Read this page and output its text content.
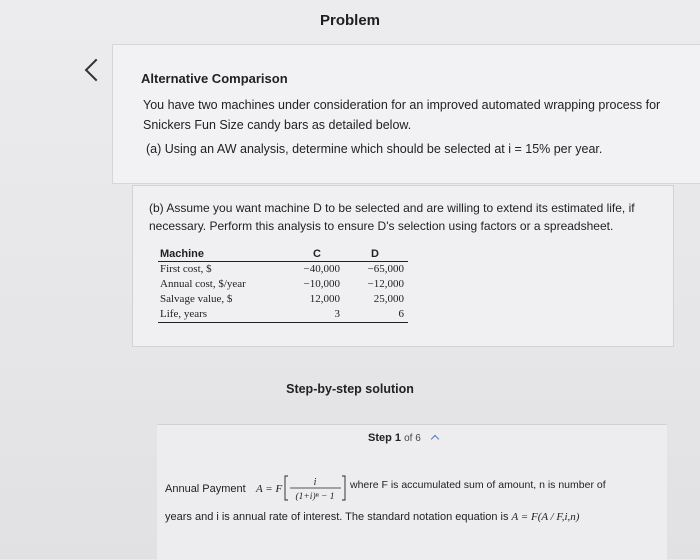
Problem
Alternative Comparison
You have two machines under consideration for an improved automated wrapping process for
Snickers Fun Size candy bars as detailed below.
(a) Using an AW analysis, determine which should be selected at i = 15% per year.
(b) Assume you want machine D to be selected and are willing to extend its estimated life, if
necessary. Perform this analysis to ensure D's selection using factors or a spreadsheet.
Machine	C	D
First cost, $	−40,000	−65,000
Annual cost, $/year	−10,000	−12,000
Salvage value, $	12,000	25,000
Life, years	3	6
Step-by-step solution
Step 1 of 6
Annual Payment A = F
i
(1+i)ⁿ − 1
where F is accumulated sum of amount, n is number of
years and i is annual rate of interest. The standard notation equation is A = F(A / F,i,n)
